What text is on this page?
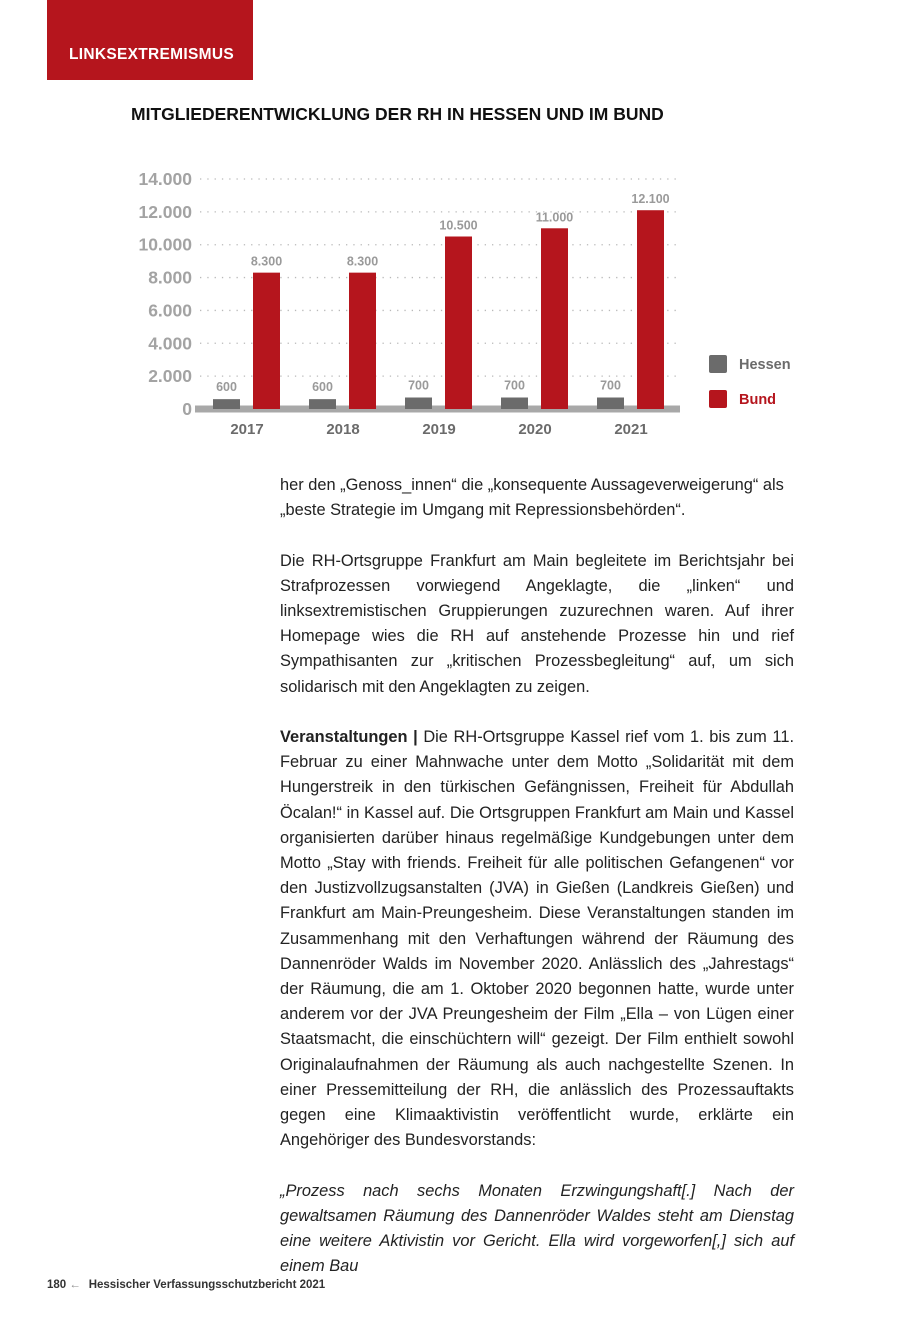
LINKSEXTREMISMUS
MITGLIEDERENTWICKLUNG DER RH IN HESSEN UND IM BUND
0
2.000
4.000
6.000
8.000
10.000
12.000
14.000
600
8.300
2017
600
8.300
2018
700
10.500
2019
700
11.000
2020
700
12.100
2021
Hessen
Bund

her den „Genoss_innen“ die „konsequente Aussageverweigerung“ als „beste Strategie im Umgang mit Repressionsbehörden“.

Die RH-Ortsgruppe Frankfurt am Main begleitete im Berichtsjahr bei Strafprozessen vorwiegend Angeklagte, die „linken“ und linksextremistischen Gruppierungen zuzurechnen waren. Auf ihrer Homepage wies die RH auf anstehende Prozesse hin und rief Sympathisanten zur „kritischen Prozessbegleitung“ auf, um sich solidarisch mit den Angeklagten zu zeigen.

Veranstaltungen | Die RH-Ortsgruppe Kassel rief vom 1. bis zum 11. Februar zu einer Mahnwache unter dem Motto „Solidarität mit dem Hungerstreik in den türkischen Gefängnissen, Freiheit für Abdullah Öcalan!“ in Kassel auf. Die Ortsgruppen Frankfurt am Main und Kassel organisierten darüber hinaus regelmäßige Kundgebungen unter dem Motto „Stay with friends. Freiheit für alle politischen Gefangenen“ vor den Justizvollzugsanstalten (JVA) in Gießen (Landkreis Gießen) und Frankfurt am Main-Preungesheim. Diese Veranstaltungen standen im Zusammenhang mit den Verhaftungen während der Räumung des Dannenröder Walds im November 2020. Anlässlich des „Jahrestags“ der Räumung, die am 1. Oktober 2020 begonnen hatte, wurde unter anderem vor der JVA Preungesheim der Film „Ella – von Lügen einer Staatsmacht, die einschüchtern will“ gezeigt. Der Film enthielt sowohl Originalaufnahmen der Räumung als auch nachgestellte Szenen. In einer Pressemitteilung der RH, die anlässlich des Prozessauftakts gegen eine Klimaaktivistin veröffentlicht wurde, erklärte ein Angehöriger des Bundesvorstands:

„Prozess nach sechs Monaten Erzwingungshaft[.] Nach der gewaltsamen Räumung des Dannenröder Waldes steht am Dienstag eine weitere Aktivistin vor Gericht. Ella wird vorgeworfen[,] sich auf einem Bau

180 ← Hessischer Verfassungsschutzbericht 2021
